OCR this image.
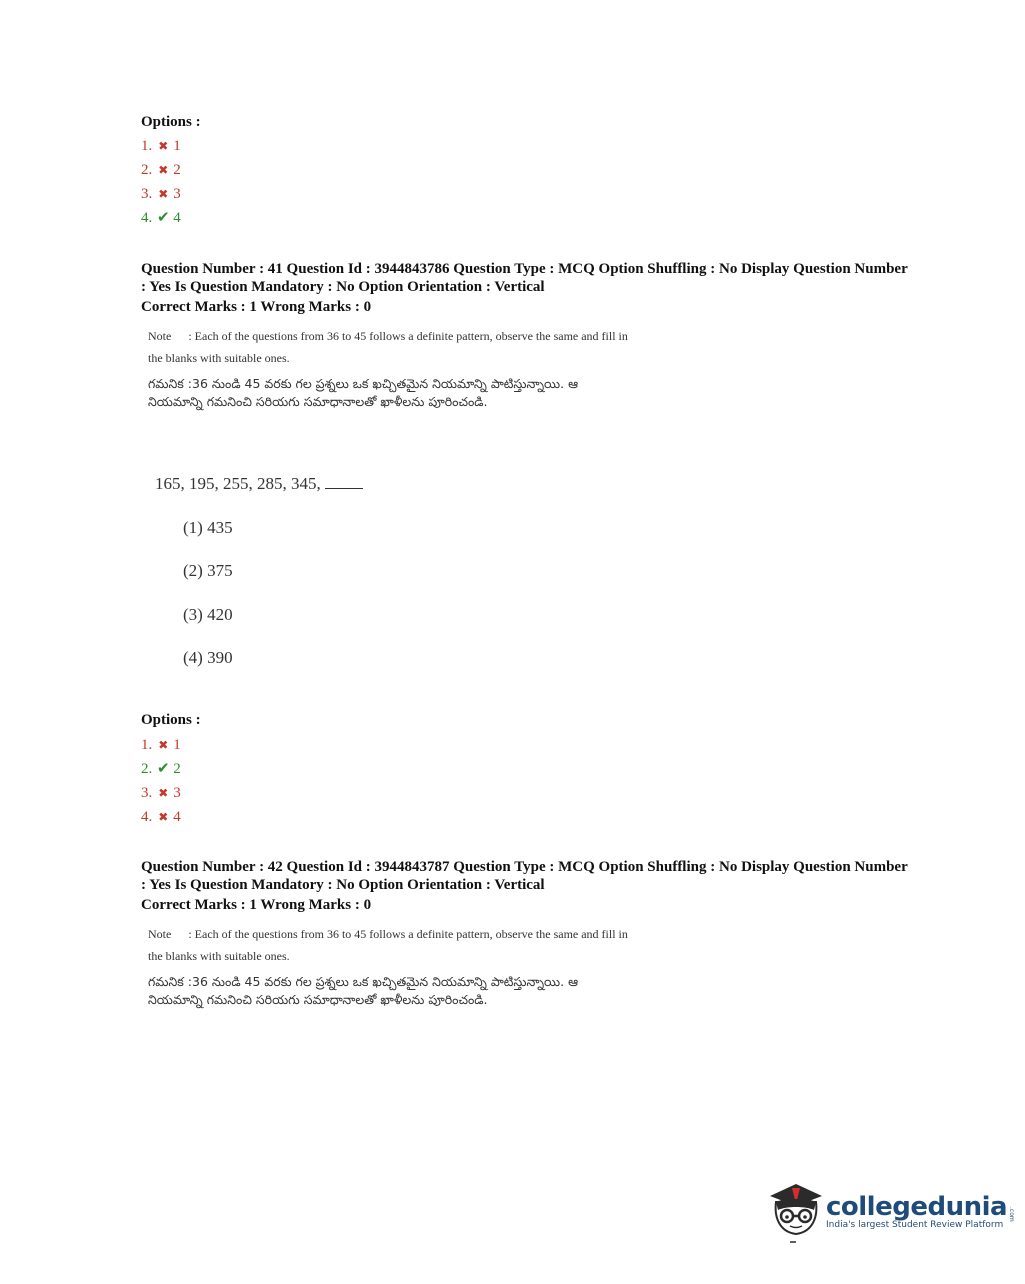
Options :
1. ✖ 1
2. ✖ 2
3. ✖ 3
4. ✔ 4
Question Number : 41 Question Id : 3944843786 Question Type : MCQ Option Shuffling : No Display Question Number : Yes Is Question Mandatory : No Option Orientation : Vertical
Correct Marks : 1 Wrong Marks : 0
Note : Each of the questions from 36 to 45 follows a definite pattern, observe the same and fill in the blanks with suitable ones.
గమనిక :36 నుండి 45 వరకు గల ప్రశ్నలు ఒక ఖచ్చితమైన నియమాన్ని పాటిస్తున్నాయి. ఆ నియమాన్ని గమనించి సరియగు సమాధానాలతో ఖాళీలను పూరించండి.
165, 195, 255, 285, 345,
(1) 435
(2) 375
(3) 420
(4) 390
Options :
1. ✖ 1
2. ✔ 2
3. ✖ 3
4. ✖ 4
Question Number : 42 Question Id : 3944843787 Question Type : MCQ Option Shuffling : No Display Question Number : Yes Is Question Mandatory : No Option Orientation : Vertical
Correct Marks : 1 Wrong Marks : 0
Note : Each of the questions from 36 to 45 follows a definite pattern, observe the same and fill in the blanks with suitable ones.
గమనిక :36 నుండి 45 వరకు గల ప్రశ్నలు ఒక ఖచ్చితమైన నియమాన్ని పాటిస్తున్నాయి. ఆ నియమాన్ని గమనించి సరియగు సమాధానాలతో ఖాళీలను పూరించండి.
collegedunia .com
India's largest Student Review Platform
